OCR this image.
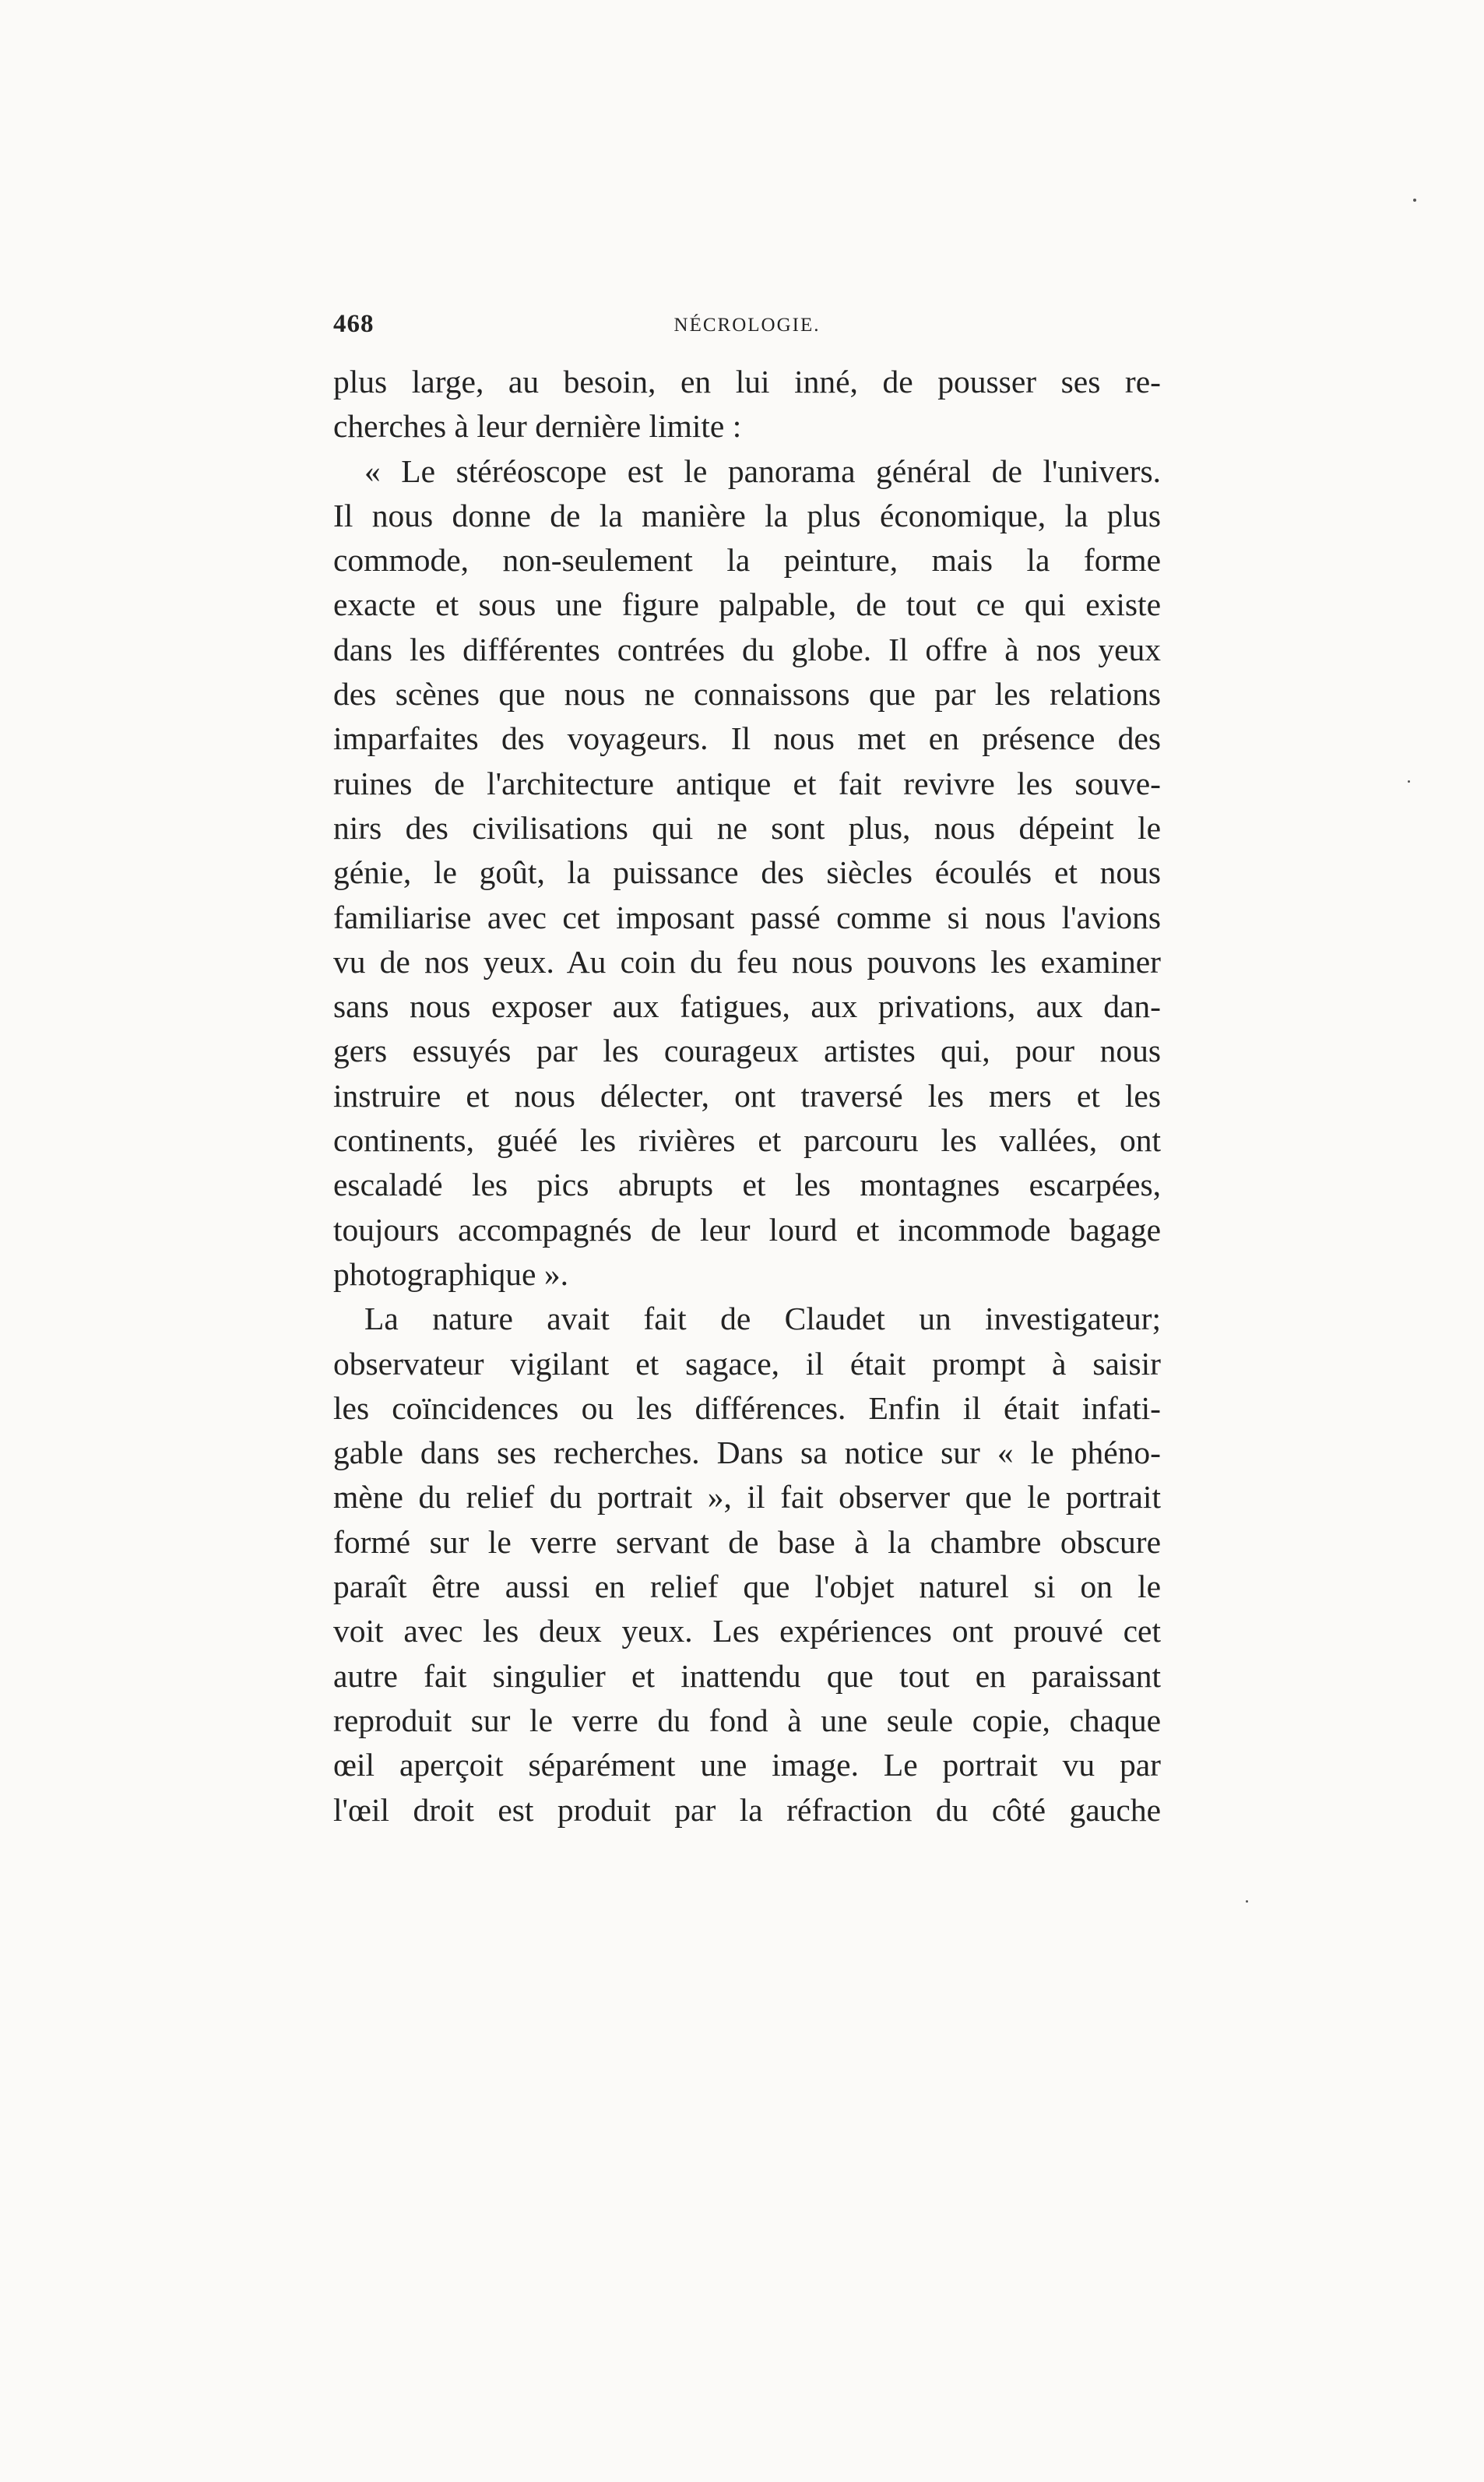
468	NÉCROLOGIE.
plus large, au besoin, en lui inné, de pousser ses re-
cherches à leur dernière limite :
« Le stéréoscope est le panorama général de l'univers.
Il nous donne de la manière la plus économique, la plus
commode, non-seulement la peinture, mais la forme
exacte et sous une figure palpable, de tout ce qui existe
dans les différentes contrées du globe. Il offre à nos yeux
des scènes que nous ne connaissons que par les relations
imparfaites des voyageurs. Il nous met en présence des
ruines de l'architecture antique et fait revivre les souve-
nirs des civilisations qui ne sont plus, nous dépeint le
génie, le goût, la puissance des siècles écoulés et nous
familiarise avec cet imposant passé comme si nous l'avions
vu de nos yeux. Au coin du feu nous pouvons les examiner
sans nous exposer aux fatigues, aux privations, aux dan-
gers essuyés par les courageux artistes qui, pour nous
instruire et nous délecter, ont traversé les mers et les
continents, guéé les rivières et parcouru les vallées, ont
escaladé les pics abrupts et les montagnes escarpées,
toujours accompagnés de leur lourd et incommode bagage
photographique ».
La nature avait fait de Claudet un investigateur;
observateur vigilant et sagace, il était prompt à saisir
les coïncidences ou les différences. Enfin il était infati-
gable dans ses recherches. Dans sa notice sur « le phéno-
mène du relief du portrait », il fait observer que le portrait
formé sur le verre servant de base à la chambre obscure
paraît être aussi en relief que l'objet naturel si on le
voit avec les deux yeux. Les expériences ont prouvé cet
autre fait singulier et inattendu que tout en paraissant
reproduit sur le verre du fond à une seule copie, chaque
œil aperçoit séparément une image. Le portrait vu par
l'œil droit est produit par la réfraction du côté gauche
